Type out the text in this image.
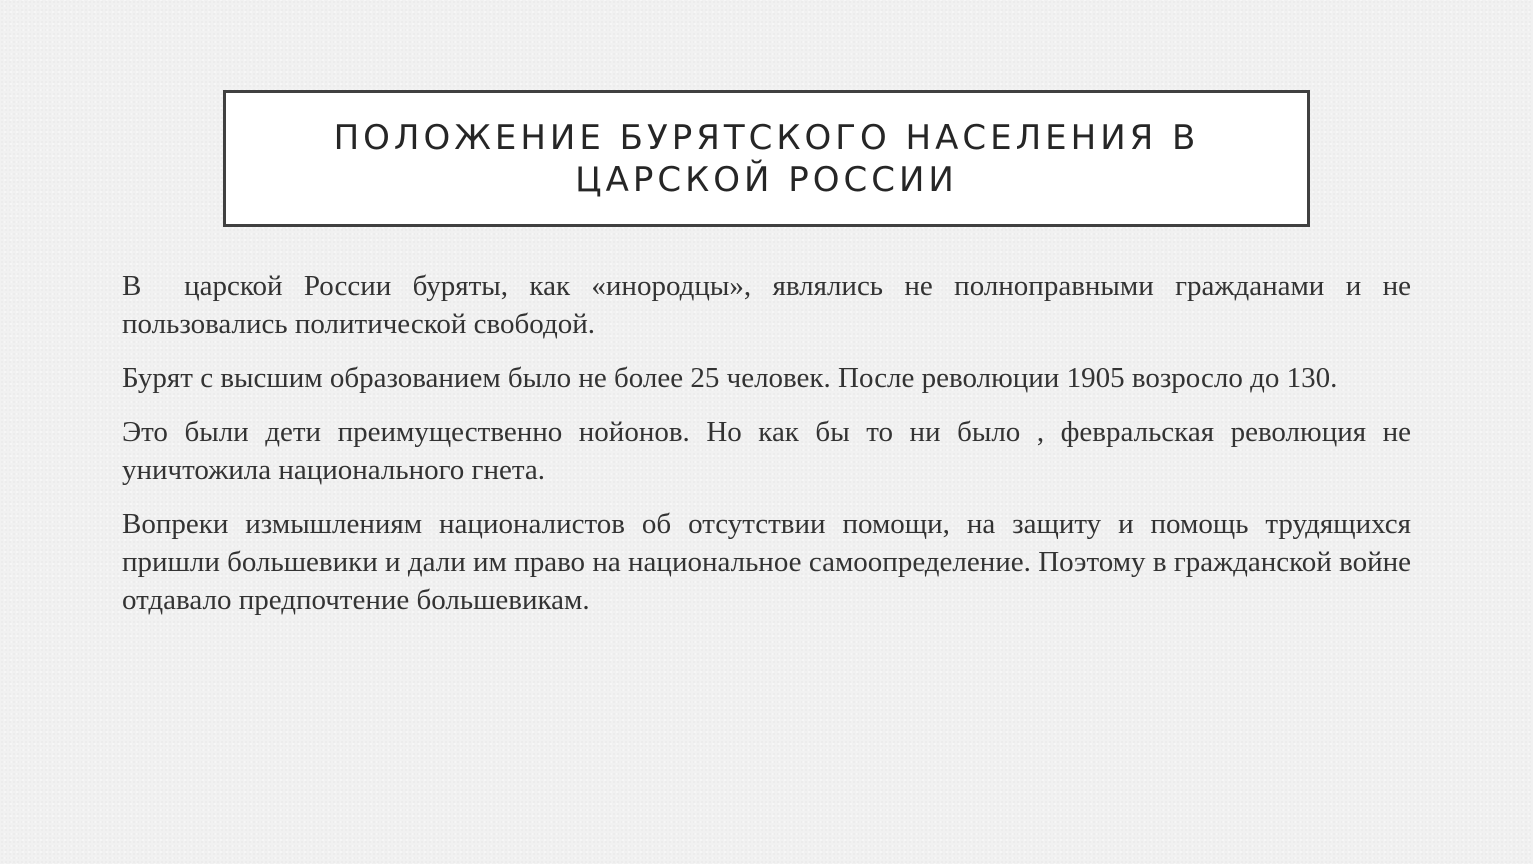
ПОЛОЖЕНИЕ БУРЯТСКОГО НАСЕЛЕНИЯ В ЦАРСКОЙ РОССИИ

В  царской России буряты, как «инородцы», являлись не полноправными гражданами и не пользовались политической свободой.

Бурят с высшим образованием было не более 25 человек. После революции 1905 возросло до 130.

Это были дети преимущественно нойонов. Но как бы то ни было , февральская революция не уничтожила национального гнета.

Вопреки измышлениям националистов об отсутствии помощи, на защиту и помощь трудящихся пришли большевики и дали им право на национальное самоопределение. Поэтому в гражданской войне отдавало предпочтение большевикам.
